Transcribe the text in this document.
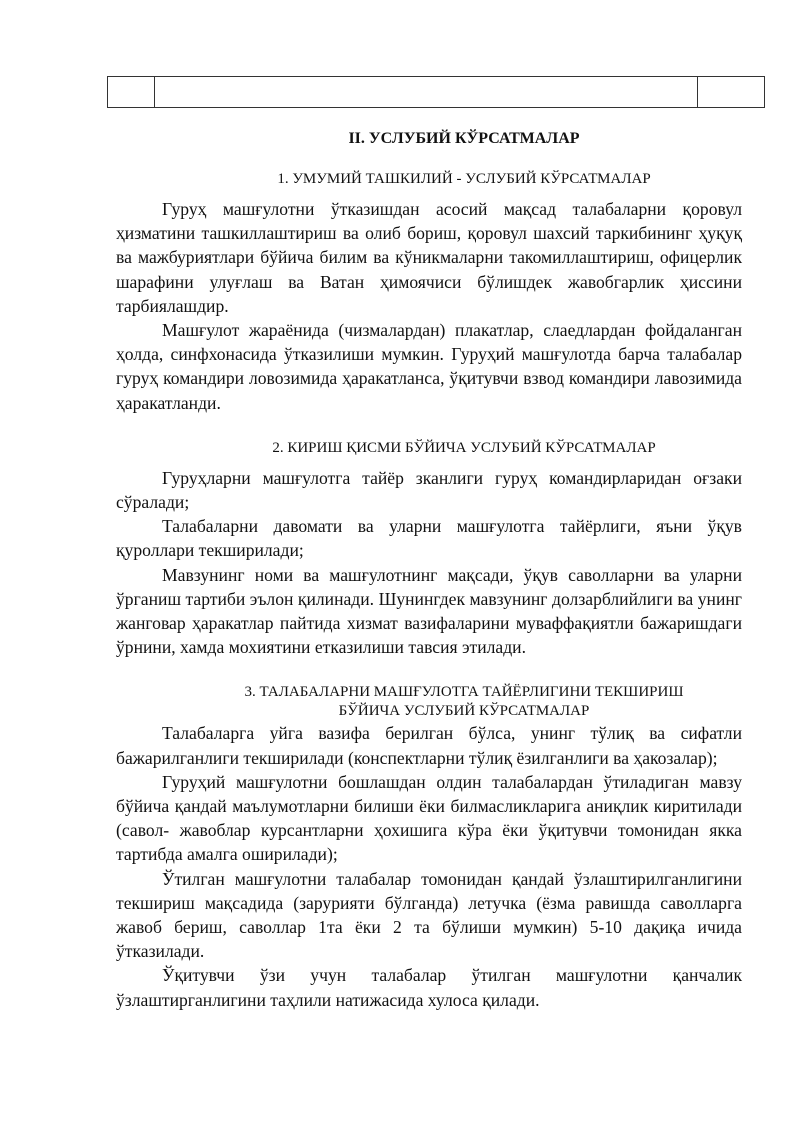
II. УСЛУБИЙ КЎРСАТМАЛАР
1. УМУМИЙ ТАШКИЛИЙ - УСЛУБИЙ КЎРСАТМАЛАР

Гуруҳ машғулотни ўтказишдан асосий мақсад талабаларни қоровул ҳизматини ташкиллаштириш ва олиб бориш, қоровул шахсий таркибининг ҳуқуқ ва мажбуриятлари бўйича билим ва кўникмаларни такомиллаштириш, офицерлик шарафини улуғлаш ва Ватан ҳимоячиси бўлишдек жавобгарлик ҳиссини тарбиялашдир.

Машғулот жараёнида (чизмалардан) плакатлар, слаедлардан фойдаланган ҳолда, синфхонасида ўтказилиши мумкин. Гуруҳий машғулотда барча талабалар гуруҳ командири ловозимида ҳаракатланса, ўқитувчи взвод командири лавозимида ҳаракатланди.

2. КИРИШ ҚИСМИ БЎЙИЧА УСЛУБИЙ КЎРСАТМАЛАР

Гуруҳларни машғулотга тайёр зканлиги гуруҳ командирларидан оғзаки сўралади;

Талабаларни давомати ва уларни машғулотга тайёрлиги, яъни ўқув қуроллари текширилади;

Мавзунинг номи ва машғулотнинг мақсади, ўқув саволларни ва уларни ўрганиш тартиби эълон қилинади. Шунингдек мавзунинг долзарблийлиги ва унинг жанговар ҳаракатлар пайтида хизмат вазифаларини муваффақиятли бажаришдаги ўрнини, хамда мохиятини етказилиши тавсия этилади.

3. ТАЛАБАЛАРНИ МАШҒУЛОТГА ТАЙЁРЛИГИНИ ТЕКШИРИШ
БЎЙИЧА УСЛУБИЙ КЎРСАТМАЛАР

Талабаларга уйга вазифа берилган бўлса, унинг тўлиқ ва сифатли бажарилганлиги текширилади (конспектларни тўлиқ ёзилганлиги ва ҳакозалар);

Гуруҳий машғулотни бошлашдан олдин талабалардан ўтиладиган мавзу бўйича қандай маълумотларни билиши ёки билмасликларига аниқлик киритилади (савол- жавоблар курсантларни ҳохишига кўра ёки ўқитувчи томонидан якка тартибда амалга оширилади);

Ўтилган машғулотни талабалар томонидан қандай ўзлаштирилганлигини текшириш мақсадида (зарурияти бўлганда) летучка (ёзма равишда саволларга жавоб бериш, саволлар 1та ёки 2 та бўлиши мумкин) 5-10 дақиқа ичида ўтказилади.

Ўқитувчи ўзи учун талабалар ўтилган машғулотни қанчалик ўзлаштирганлигини таҳлили натижасида хулоса қилади.
